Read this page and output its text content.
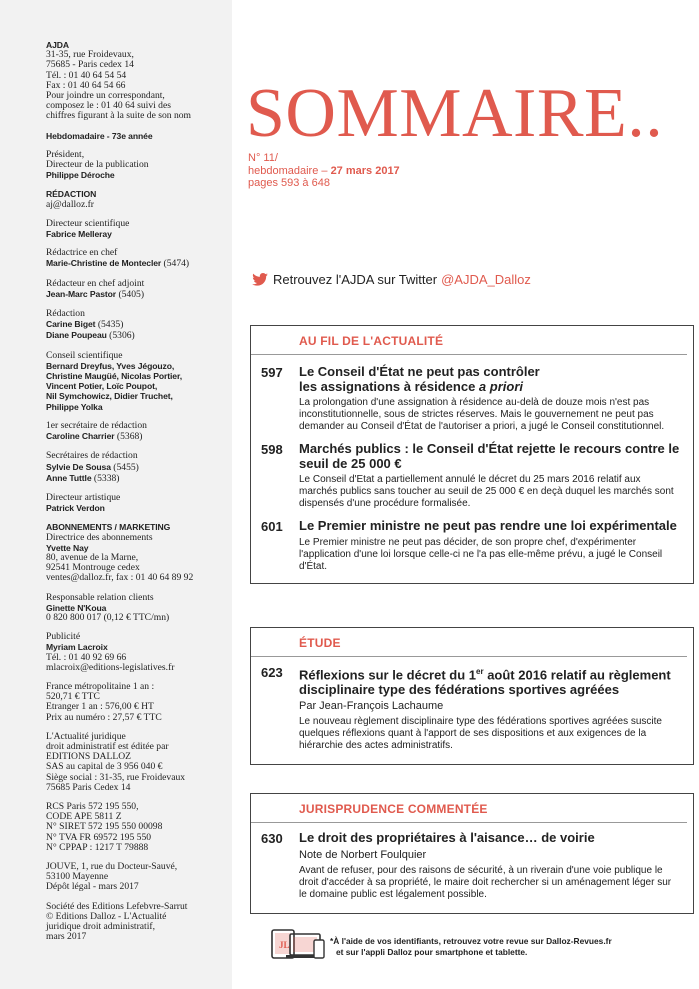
AJDA
31-35, rue Froidevaux,
75685 - Paris cedex 14
Tél. : 01 40 64 54 54
Fax : 01 40 64 54 66
Pour joindre un correspondant,
composez le : 01 40 64 suivi des
chiffres figurant à la suite de son nom
Hebdomadaire - 73e année
Président,
Directeur de la publication
Philippe Déroche
RÉDACTION
aj@dalloz.fr
Directeur scientifique
Fabrice Melleray
Rédactrice en chef
Marie-Christine de Montecler (5474)
Rédacteur en chef adjoint
Jean-Marc Pastor (5405)
Rédaction
Carine Biget (5435)
Diane Poupeau (5306)
Conseil scientifique
Bernard Dreyfus, Yves Jégouzo,
Christine Maugüé, Nicolas Portier,
Vincent Potier, Loïc Poupot,
Nil Symchowicz, Didier Truchet,
Philippe Yolka
1er secrétaire de rédaction
Caroline Charrier (5368)
Secrétaires de rédaction
Sylvie De Sousa (5455)
Anne Tuttle (5338)
Directeur artistique
Patrick Verdon
ABONNEMENTS / MARKETING
Directrice des abonnements
Yvette Nay
80, avenue de la Marne,
92541 Montrouge cedex
ventes@dalloz.fr, fax : 01 40 64 89 92
Responsable relation clients
Ginette N'Koua
0 820 800 017 (0,12 € TTC/mn)
Publicité
Myriam Lacroix
Tél. : 01 40 92 69 66
mlacroix@editions-legislatives.fr
France métropolitaine 1 an :
520,71 € TTC
Etranger 1 an : 576,00 € HT
Prix au numéro : 27,57 € TTC
L'Actualité juridique
droit administratif est éditée par
EDITIONS DALLOZ
SAS au capital de 3 956 040 €
Siège social : 31-35, rue Froidevaux
75685 Paris Cedex 14
RCS Paris 572 195 550,
CODE APE 5811 Z
N° SIRET 572 195 550 00098
N° TVA FR 69572 195 550
N° CPPAP : 1217 T 79888
JOUVE, 1, rue du Docteur-Sauvé,
53100 Mayenne
Dépôt légal - mars 2017
Société des Editions Lefebvre-Sarrut
© Editions Dalloz - L'Actualité
juridique droit administratif,
mars 2017
SOMMAIRE..
N° 11/
hebdomadaire – 27 mars 2017
pages 593 à 648
Retrouvez l'AJDA sur Twitter @AJDA_Dalloz
AU FIL DE L'ACTUALITÉ
597 Le Conseil d'État ne peut pas contrôler
les assignations à résidence a priori
La prolongation d'une assignation à résidence au-delà de douze mois n'est pas inconstitutionnelle, sous de strictes réserves. Mais le gouvernement ne peut pas demander au Conseil d'État de l'autoriser a priori, a jugé le Conseil constitutionnel.
598 Marchés publics : le Conseil d'État rejette le recours contre le seuil de 25 000 €
Le Conseil d'Etat a partiellement annulé le décret du 25 mars 2016 relatif aux marchés publics sans toucher au seuil de 25 000 € en deçà duquel les marchés sont dispensés d'une procédure formalisée.
601 Le Premier ministre ne peut pas rendre une loi expérimentale
Le Premier ministre ne peut pas décider, de son propre chef, d'expérimenter l'application d'une loi lorsque celle-ci ne l'a pas elle-même prévu, a jugé le Conseil d'État.
ÉTUDE
623 Réflexions sur le décret du 1er août 2016 relatif au règlement disciplinaire type des fédérations sportives agréées
Par Jean-François Lachaume
Le nouveau règlement disciplinaire type des fédérations sportives agréées suscite quelques réflexions quant à l'apport de ses dispositions et aux exigences de la hiérarchie des actes administratifs.
JURISPRUDENCE COMMENTÉE
630 Le droit des propriétaires à l'aisance… de voirie
Note de Norbert Foulquier
Avant de refuser, pour des raisons de sécurité, à un riverain d'une voie publique le droit d'accéder à sa propriété, le maire doit rechercher si un aménagement léger sur le domaine public est légalement possible.
JL	*À l'aide de vos identifiants, retrouvez votre revue sur Dalloz-Revues.fr
et sur l'appli Dalloz pour smartphone et tablette.
